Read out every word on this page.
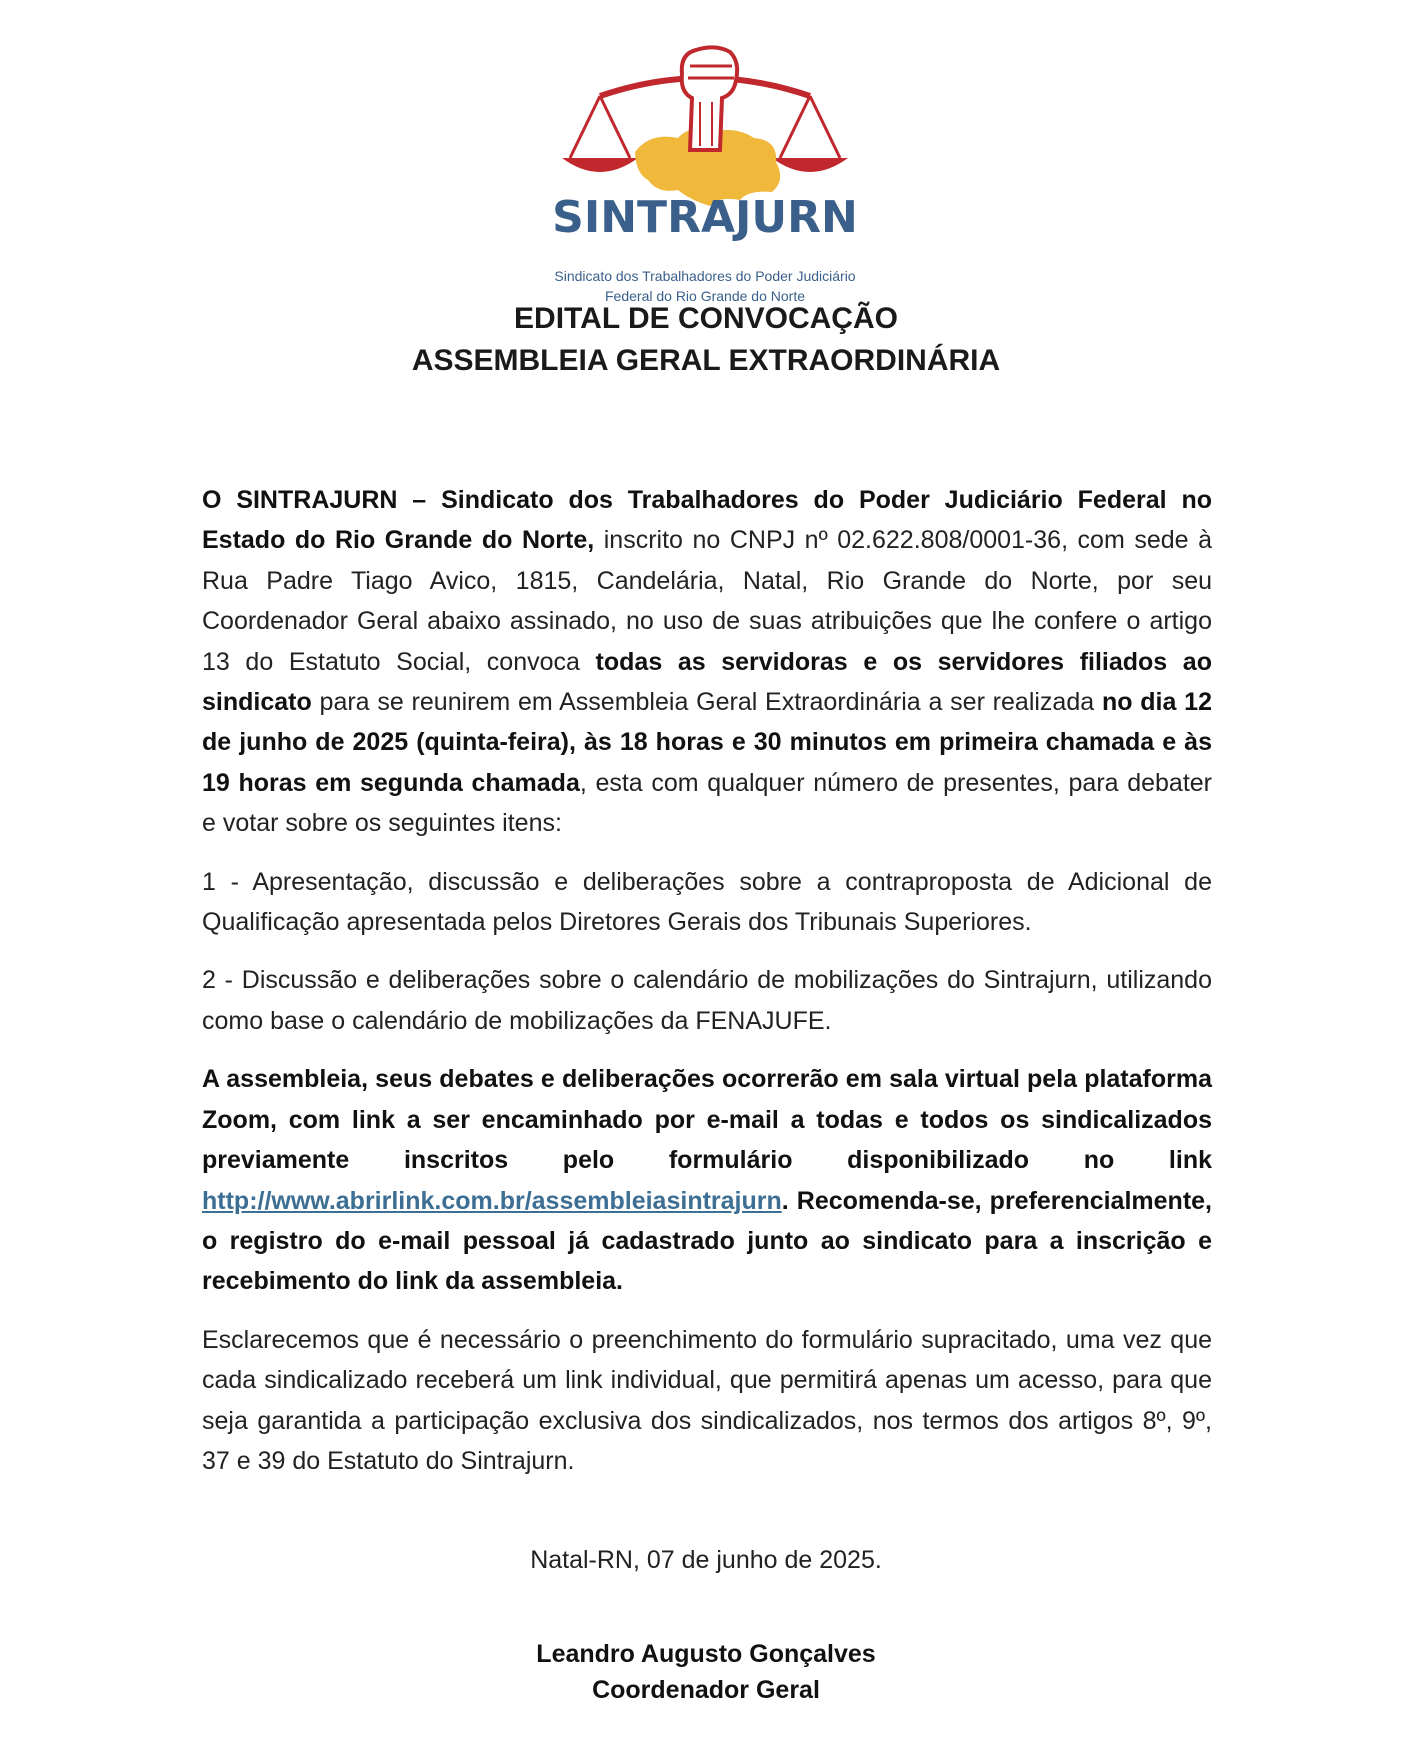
SINTRAJURN
Sindicato dos Trabalhadores do Poder Judiciário
Federal do Rio Grande do Norte
EDITAL DE CONVOCAÇÃO
ASSEMBLEIA GERAL EXTRAORDINÁRIA

O SINTRAJURN – Sindicato dos Trabalhadores do Poder Judiciário Federal no Estado do Rio Grande do Norte, inscrito no CNPJ nº 02.622.808/0001-36, com sede à Rua Padre Tiago Avico, 1815, Candelária, Natal, Rio Grande do Norte, por seu Coordenador Geral abaixo assinado, no uso de suas atribuições que lhe confere o artigo 13 do Estatuto Social, convoca todas as servidoras e os servidores filiados ao sindicato para se reunirem em Assembleia Geral Extraordinária a ser realizada no dia 12 de junho de 2025 (quinta-feira), às 18 horas e 30 minutos em primeira chamada e às 19 horas em segunda chamada, esta com qualquer número de presentes, para debater e votar sobre os seguintes itens:

1 - Apresentação, discussão e deliberações sobre a contraproposta de Adicional de Qualificação apresentada pelos Diretores Gerais dos Tribunais Superiores.

2 - Discussão e deliberações sobre o calendário de mobilizações do Sintrajurn, utilizando como base o calendário de mobilizações da FENAJUFE.

A assembleia, seus debates e deliberações ocorrerão em sala virtual pela plataforma Zoom, com link a ser encaminhado por e-mail a todas e todos os sindicalizados previamente inscritos pelo formulário disponibilizado no link http://www.abrirlink.com.br/assembleiasintrajurn. Recomenda-se, preferencialmente, o registro do e-mail pessoal já cadastrado junto ao sindicato para a inscrição e recebimento do link da assembleia.

Esclarecemos que é necessário o preenchimento do formulário supracitado, uma vez que cada sindicalizado receberá um link individual, que permitirá apenas um acesso, para que seja garantida a participação exclusiva dos sindicalizados, nos termos dos artigos 8º, 9º, 37 e 39 do Estatuto do Sintrajurn.

Natal-RN, 07 de junho de 2025.
Leandro Augusto Gonçalves
Coordenador Geral
